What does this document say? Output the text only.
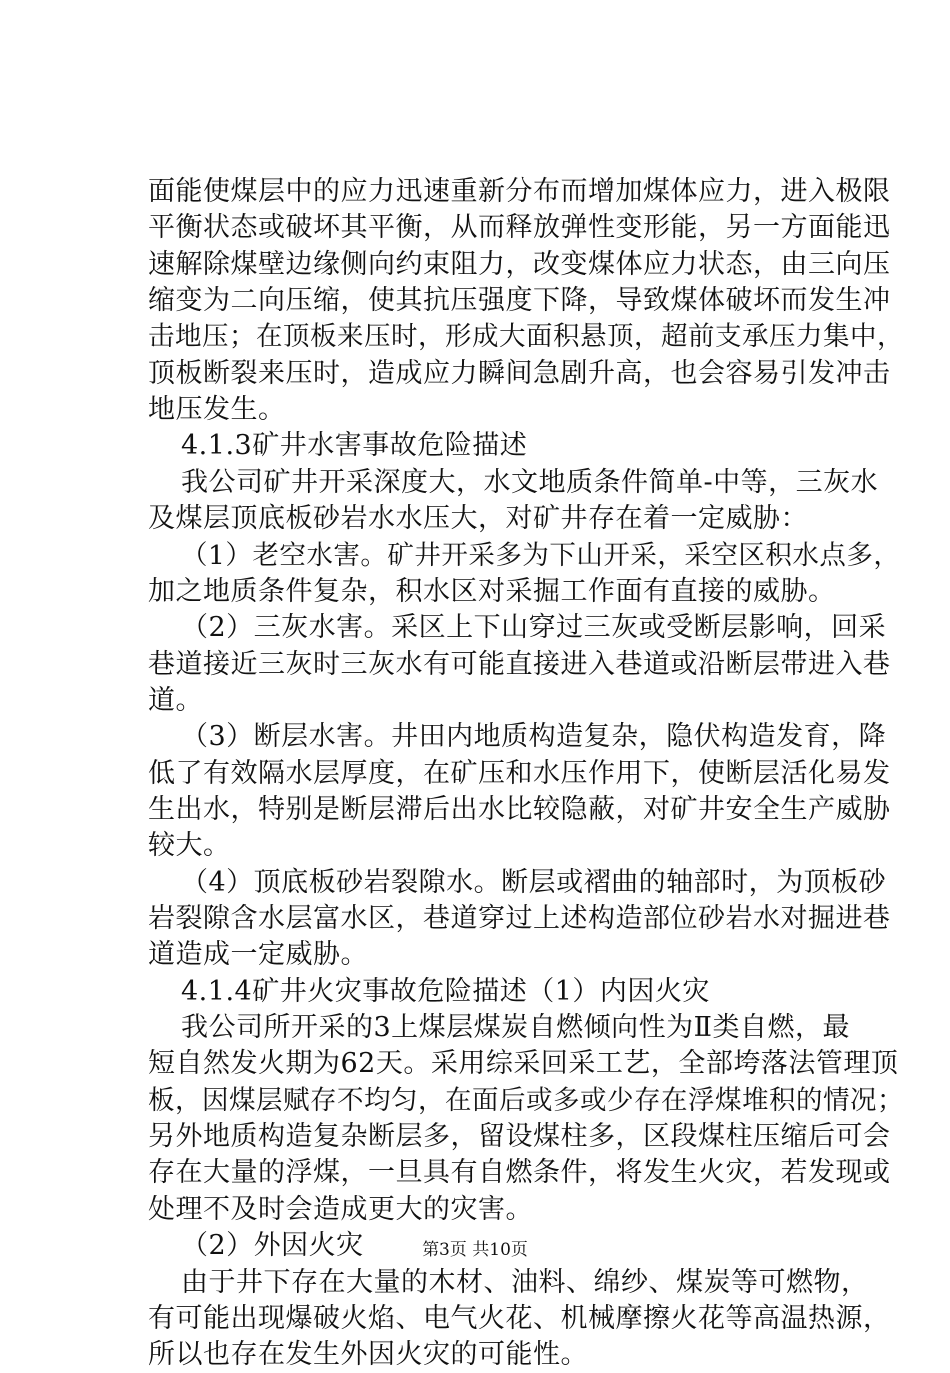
面能使煤层中的应力迅速重新分布而增加煤体应力，进入极限
平衡状态或破坏其平衡，从而释放弹性变形能，另一方面能迅
速解除煤壁边缘侧向约束阻力，改变煤体应力状态，由三向压
缩变为二向压缩，使其抗压强度下降，导致煤体破坏而发生冲
击地压；在顶板来压时，形成大面积悬顶，超前支承压力集中，
顶板断裂来压时，造成应力瞬间急剧升高，也会容易引发冲击
地压发生。
4.1.3矿井水害事故危险描述
我公司矿井开采深度大，水文地质条件简单-中等，三灰水
及煤层顶底板砂岩水水压大，对矿井存在着一定威胁：
（1）老空水害。矿井开采多为下山开采，采空区积水点多，
加之地质条件复杂，积水区对采掘工作面有直接的威胁。
（2）三灰水害。采区上下山穿过三灰或受断层影响，回采
巷道接近三灰时三灰水有可能直接进入巷道或沿断层带进入巷
道。
（3）断层水害。井田内地质构造复杂，隐伏构造发育，降
低了有效隔水层厚度，在矿压和水压作用下，使断层活化易发
生出水，特别是断层滞后出水比较隐蔽，对矿井安全生产威胁
较大。
（4）顶底板砂岩裂隙水。断层或褶曲的轴部时，为顶板砂
岩裂隙含水层富水区，巷道穿过上述构造部位砂岩水对掘进巷
道造成一定威胁。
4.1.4矿井火灾事故危险描述（1）内因火灾
我公司所开采的3上煤层煤炭自燃倾向性为Ⅱ类自燃，最
短自然发火期为62天。采用综采回采工艺，全部垮落法管理顶
板，因煤层赋存不均匀，在面后或多或少存在浮煤堆积的情况；
另外地质构造复杂断层多，留设煤柱多，区段煤柱压缩后可会
存在大量的浮煤，一旦具有自燃条件，将发生火灾，若发现或
处理不及时会造成更大的灾害。
（2）外因火灾
由于井下存在大量的木材、油料、绵纱、煤炭等可燃物，
有可能出现爆破火焰、电气火花、机械摩擦火花等高温热源，
所以也存在发生外因火灾的可能性。
第3页 共10页
